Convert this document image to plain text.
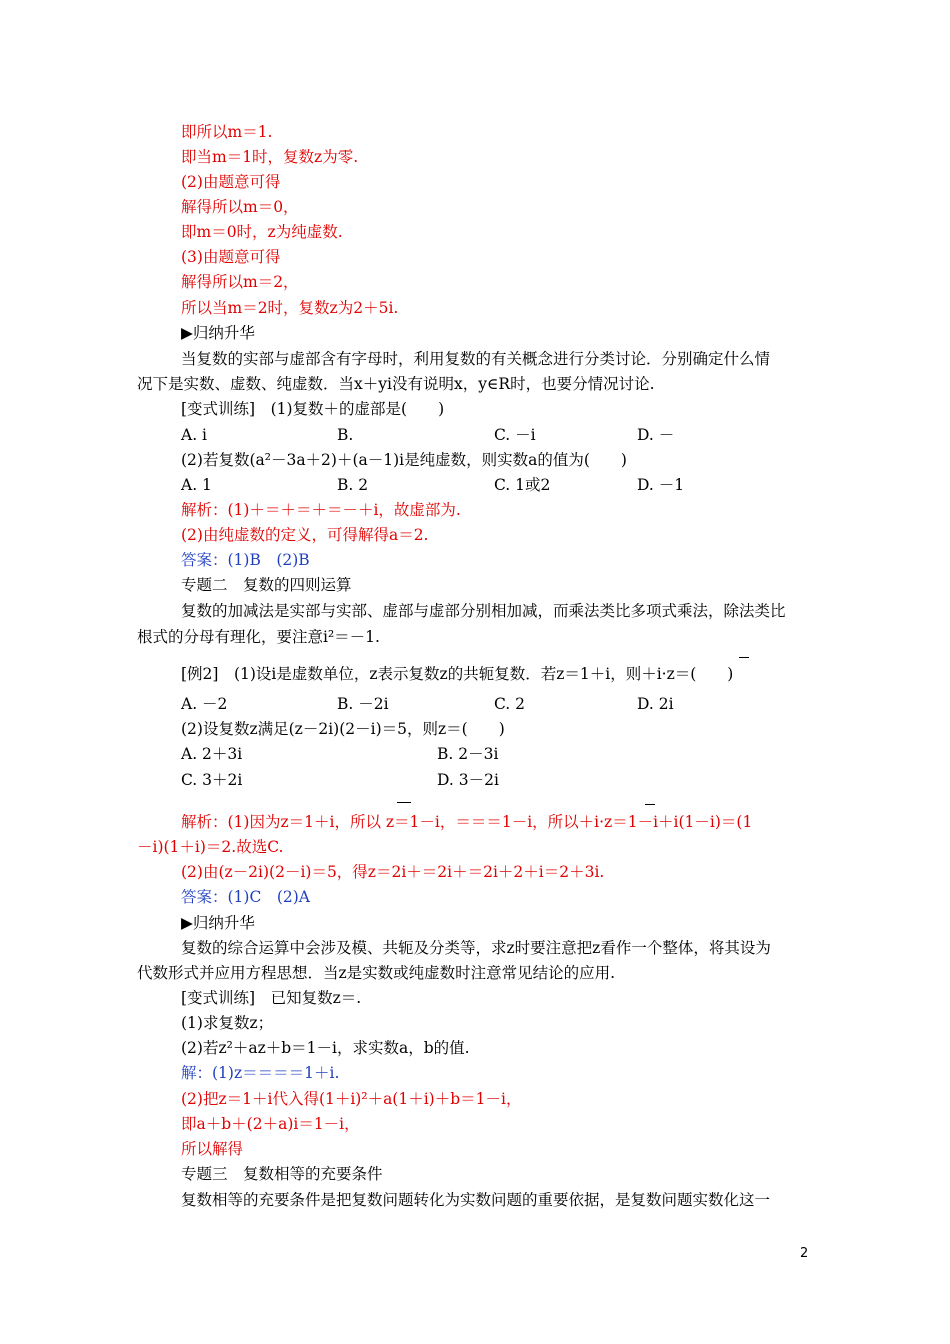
即所以m＝1.
即当m＝1时，复数z为零.
(2)由题意可得
解得所以m＝0，
即m＝0时，z为纯虚数.
(3)由题意可得
解得所以m＝2，
所以当m＝2时，复数z为2＋5i.
▶归纳升华
当复数的实部与虚部含有字母时，利用复数的有关概念进行分类讨论．分别确定什么情
况下是实数、虚数、纯虚数．当x＋yi没有说明x，y∈R时，也要分情况讨论.
[变式训练]　(1)复数＋的虚部是(　　)
A. i	B.	C. －i	D. －
(2)若复数(a²－3a＋2)＋(a－1)i是纯虚数，则实数a的值为(　　)
A. 1	B. 2	C. 1或2	D. －1
解析：(1)＋＝＋＝＋＝－＋i，故虚部为.
(2)由纯虚数的定义，可得解得a＝2.
答案：(1)B　(2)B
专题二　复数的四则运算
复数的加减法是实部与实部、虚部与虚部分别相加减，而乘法类比多项式乘法，除法类比
根式的分母有理化，要注意i²＝－1.
[例2]　(1)设i是虚数单位，z表示复数z的共轭复数．若z＝1＋i，则＋i·z＝(　　)
A. －2	B. －2i	C. 2	D. 2i
(2)设复数z满足(z－2i)(2－i)＝5，则z＝(　　)
A. 2＋3i	B. 2－3i
C. 3＋2i	D. 3－2i
解析：(1)因为z＝1＋i，所以 z＝1－i，＝＝＝1－i，所以＋i·z＝1－i＋i(1－i)＝(1
－i)(1＋i)＝2.故选C.
(2)由(z－2i)(2－i)＝5，得z＝2i＋＝2i＋＝2i＋2＋i＝2＋3i.
答案：(1)C　(2)A
▶归纳升华
复数的综合运算中会涉及模、共轭及分类等，求z时要注意把z看作一个整体，将其设为
代数形式并应用方程思想．当z是实数或纯虚数时注意常见结论的应用.
[变式训练]　已知复数z＝.
(1)求复数z；
(2)若z²＋az＋b＝1－i，求实数a，b的值.
解：(1)z＝＝＝＝1＋i.
(2)把z＝1＋i代入得(1＋i)²＋a(1＋i)＋b＝1－i，
即a＋b＋(2＋a)i＝1－i，
所以解得
专题三　复数相等的充要条件
复数相等的充要条件是把复数问题转化为实数问题的重要依据，是复数问题实数化这一
2
